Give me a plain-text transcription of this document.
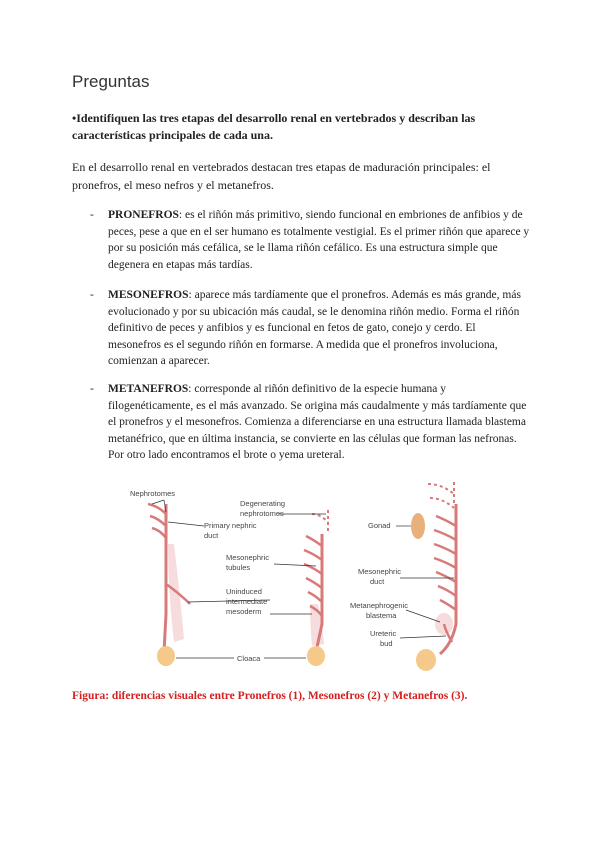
Preguntas
•Identifiquen las tres etapas del desarrollo renal en vertebrados y describan las características principales de cada una.
En el desarrollo renal en vertebrados destacan tres etapas de maduración principales: el pronefros, el meso nefros y el metanefros.
- PRONEFROS: es el riñón más primitivo, siendo funcional en embriones de anfibios y de peces, pese a que en el ser humano es totalmente vestigial. Es el primer riñón que aparece y por su posición más cefálica, se le llama riñón cefálico. Es una estructura simple que degenera en etapas más tardías.
- MESONEFROS: aparece más tardíamente que el pronefros. Además es más grande, más evolucionado y por su ubicación más caudal, se le denomina riñón medio. Forma el riñón definitivo de peces y anfibios y es funcional en fetos de gato, conejo y cerdo. El mesonefros es el segundo riñón en formarse. A medida que el pronefros involuciona, comienzan a aparecer.
- METANEFROS: corresponde al riñón definitivo de la especie humana y filogenéticamente, es el más avanzado. Se origina más caudalmente y más tardíamente que el pronefros y el mesonefros. Comienza a diferenciarse en una estructura llamada blastema metanéfrico, que en última instancia, se convierte en las células que forman las nefronas. Por otro lado encontramos el brote o yema ureteral.
Nephrotomes
Primary nephric
duct
Degenerating
nephrotomes
Mesonephric
tubules
Uninduced
intermediate
mesoderm
Cloaca
Gonad
Mesonephric
duct
Metanephrogenic
blastema
Ureteric
bud
Figura: diferencias visuales entre Pronefros (1), Mesonefros (2) y Metanefros (3).
